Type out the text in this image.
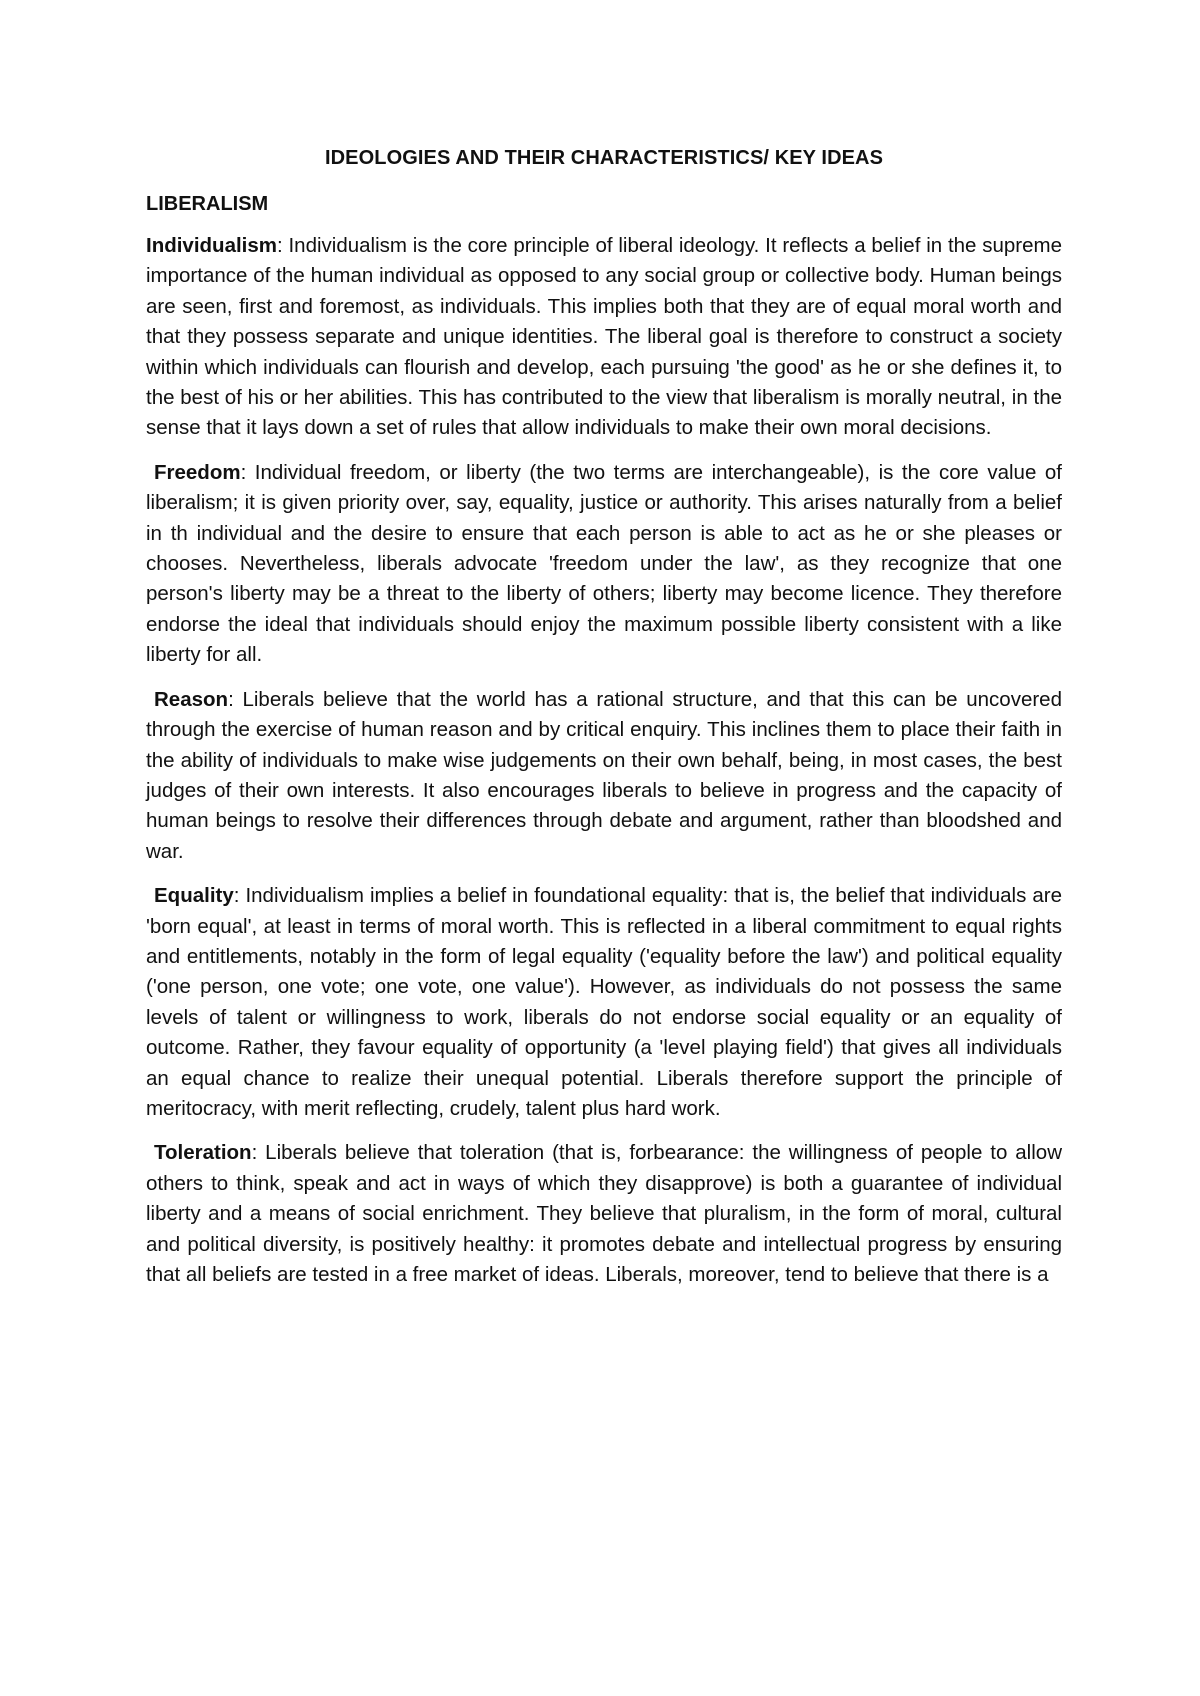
IDEOLOGIES AND THEIR CHARACTERISTICS/ KEY IDEAS
LIBERALISM

Individualism: Individualism is the core principle of liberal ideology. It reflects a belief in the supreme importance of the human individual as opposed to any social group or collective body. Human beings are seen, first and foremost, as individuals. This implies both that they are of equal moral worth and that they possess separate and unique identities. The liberal goal is therefore to construct a society within which individuals can flourish and develop, each pursuing 'the good' as he or she defines it, to the best of his or her abilities. This has contributed to the view that liberalism is morally neutral, in the sense that it lays down a set of rules that allow individuals to make their own moral decisions.

Freedom: Individual freedom, or liberty (the two terms are interchangeable), is the core value of liberalism; it is given priority over, say, equality, justice or authority. This arises naturally from a belief in th individual and the desire to ensure that each person is able to act as he or she pleases or chooses. Nevertheless, liberals advocate 'freedom under the law', as they recognize that one person's liberty may be a threat to the liberty of others; liberty may become licence. They therefore endorse the ideal that individuals should enjoy the maximum possible liberty consistent with a like liberty for all.

Reason: Liberals believe that the world has a rational structure, and that this can be uncovered through the exercise of human reason and by critical enquiry. This inclines them to place their faith in the ability of individuals to make wise judgements on their own behalf, being, in most cases, the best judges of their own interests. It also encourages liberals to believe in progress and the capacity of human beings to resolve their differences through debate and argument, rather than bloodshed and war.

Equality: Individualism implies a belief in foundational equality: that is, the belief that individuals are 'born equal', at least in terms of moral worth. This is reflected in a liberal commitment to equal rights and entitlements, notably in the form of legal equality ('equality before the law') and political equality ('one person, one vote; one vote, one value'). However, as individuals do not possess the same levels of talent or willingness to work, liberals do not endorse social equality or an equality of outcome. Rather, they favour equality of opportunity (a 'level playing field') that gives all individuals an equal chance to realize their unequal potential. Liberals therefore support the principle of meritocracy, with merit reflecting, crudely, talent plus hard work.

Toleration: Liberals believe that toleration (that is, forbearance: the willingness of people to allow others to think, speak and act in ways of which they disapprove) is both a guarantee of individual liberty and a means of social enrichment. They believe that pluralism, in the form of moral, cultural and political diversity, is positively healthy: it promotes debate and intellectual progress by ensuring that all beliefs are tested in a free market of ideas. Liberals, moreover, tend to believe that there is a
